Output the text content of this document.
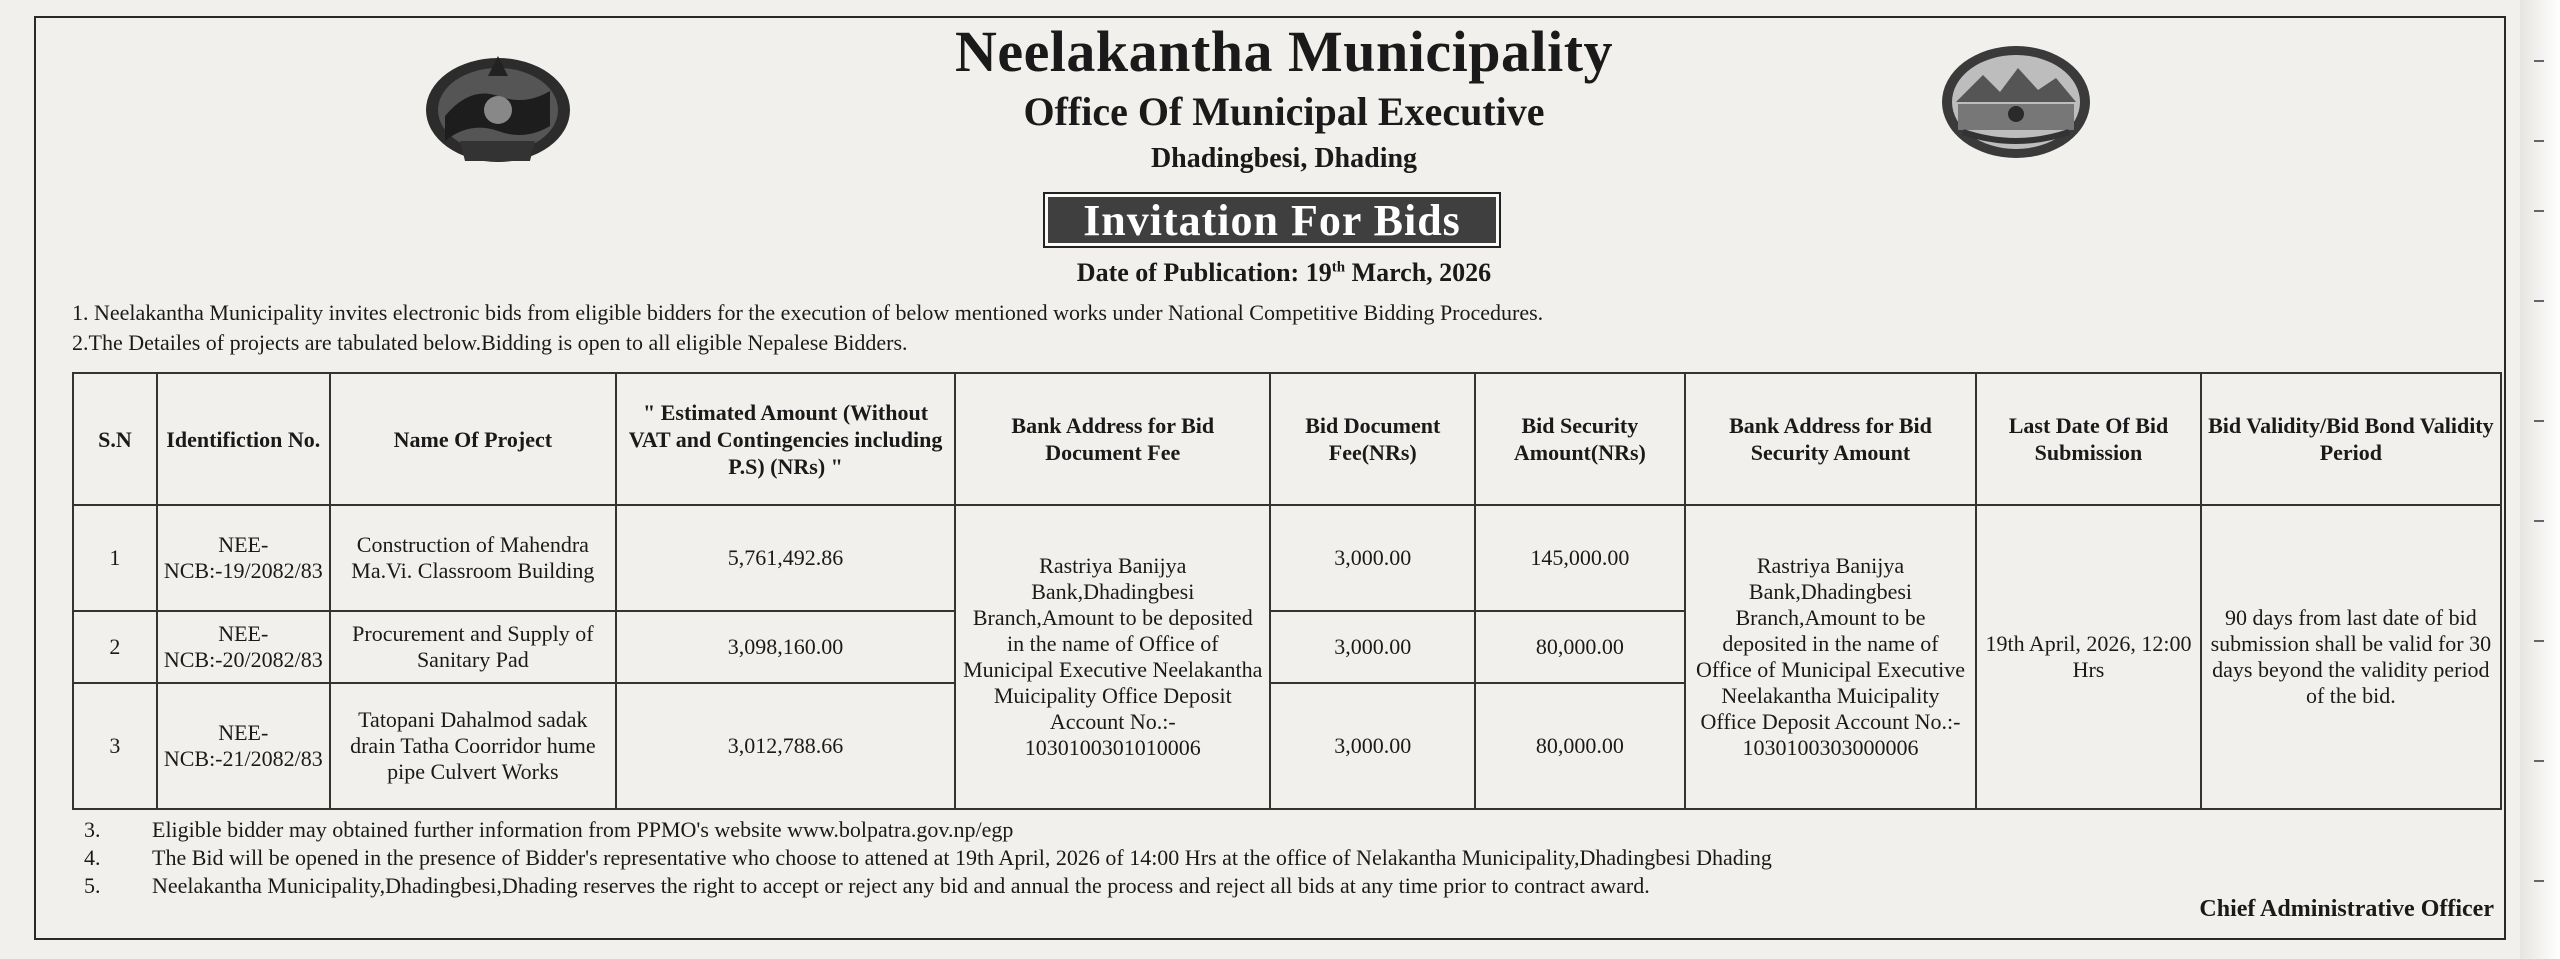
Neelakantha Municipality
Office Of Municipal Executive
Dhadingbesi, Dhading
Invitation For Bids
Date of Publication: 19th March, 2026
1. Neelakantha Municipality invites electronic bids from eligible bidders for the execution of below mentioned works under National Competitive Bidding Procedures.
2.The Detailes of projects are tabulated below.Bidding is open to all eligible Nepalese Bidders.
S.N	Identifiction No.	Name Of Project	" Estimated Amount (Without VAT and Contingencies including P.S) (NRs) "	Bank Address for Bid Document Fee	Bid Document Fee(NRs)	Bid Security Amount(NRs)	Bank Address for Bid Security Amount	Last Date Of Bid Submission	Bid Validity/Bid Bond Validity Period
1	NEE-NCB:-19/2082/83	Construction of Mahendra Ma.Vi. Classroom Building	5,761,492.86	Rastriya Banijya Bank,Dhadingbesi Branch,Amount to be deposited in the name of Office of Municipal Executive Neelakantha Muicipality Office Deposit Account No.:- 1030100301010006	3,000.00	145,000.00	Rastriya Banijya Bank,Dhadingbesi Branch,Amount to be deposited in the name of Office of Municipal Executive Neelakantha Muicipality Office Deposit Account No.:- 1030100303000006	19th April, 2026, 12:00 Hrs	90 days from last date of bid submission shall be valid for 30 days beyond the validity period of the bid.
2	NEE-NCB:-20/2082/83	Procurement and Supply of Sanitary Pad	3,098,160.00		3,000.00	80,000.00			
3	NEE-NCB:-21/2082/83	Tatopani Dahalmod sadak drain Tatha Coorridor hume pipe Culvert Works	3,012,788.66		3,000.00	80,000.00			
3.	Eligible bidder may obtained further information from PPMO's website www.bolpatra.gov.np/egp
4.	The Bid will be opened in the presence of Bidder's representative who choose to attened at 19th April, 2026 of 14:00 Hrs at the office of Nelakantha Municipality,Dhadingbesi Dhading
5.	Neelakantha Municipality,Dhadingbesi,Dhading reserves the right to accept or reject any bid and annual the process and reject all bids at any time prior to contract award.
Chief Administrative Officer
